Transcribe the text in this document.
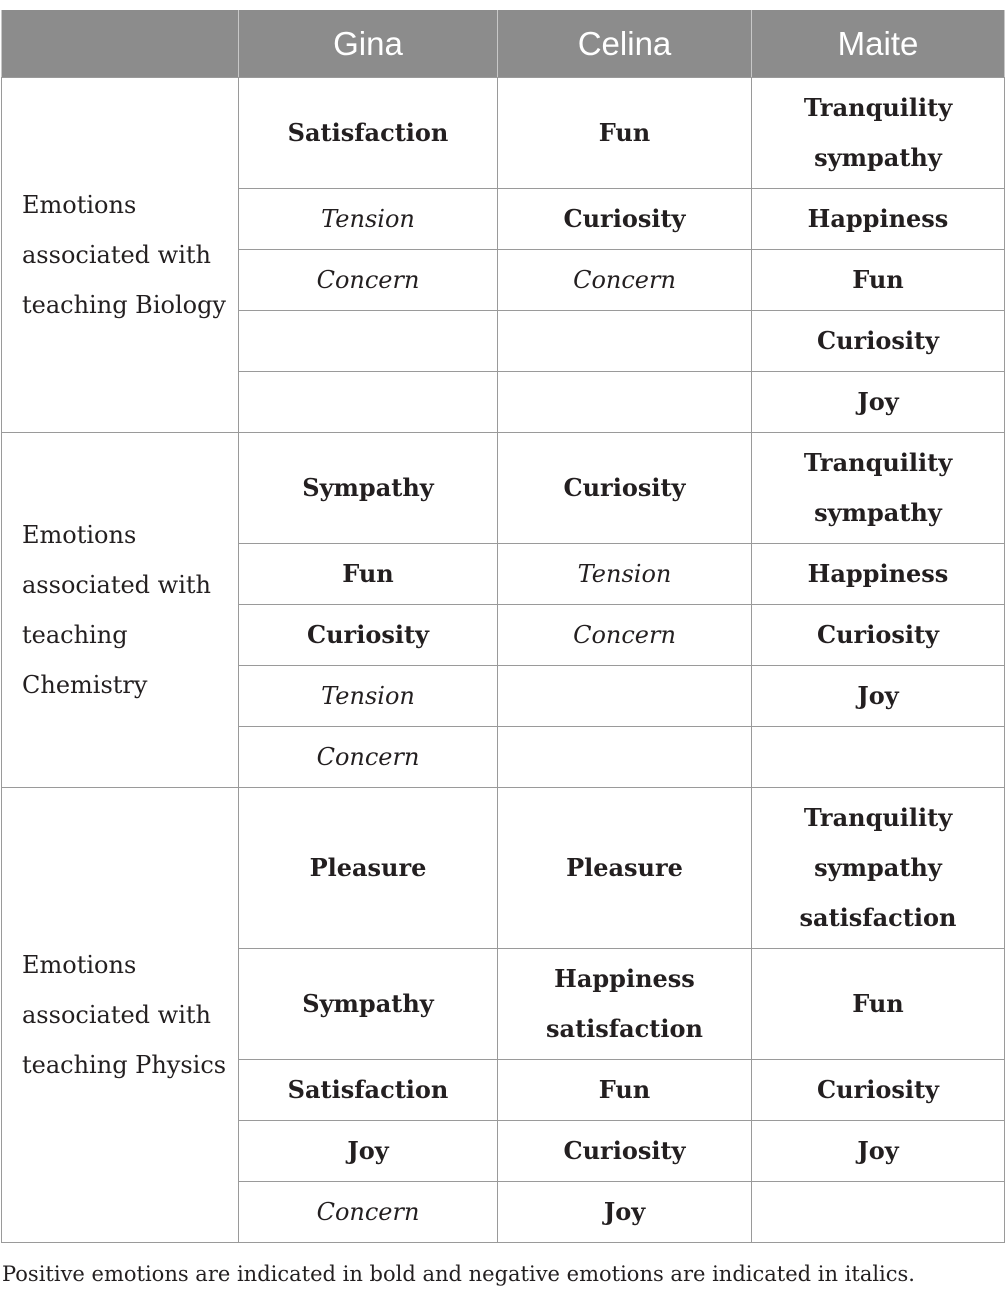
	Gina	Celina	Maite
Emotions associated with teaching Biology	Satisfaction	Fun	Tranquility sympathy
	Tension	Curiosity	Happiness
	Concern	Concern	Fun
			Curiosity
			Joy
Emotions associated with teaching Chemistry	Sympathy	Curiosity	Tranquility sympathy
	Fun	Tension	Happiness
	Curiosity	Concern	Curiosity
	Tension		Joy
	Concern		
Emotions associated with teaching Physics	Pleasure	Pleasure	Tranquility sympathy satisfaction
	Sympathy	Happiness satisfaction	Fun
	Satisfaction	Fun	Curiosity
	Joy	Curiosity	Joy
	Concern	Joy	
Positive emotions are indicated in bold and negative emotions are indicated in italics.
